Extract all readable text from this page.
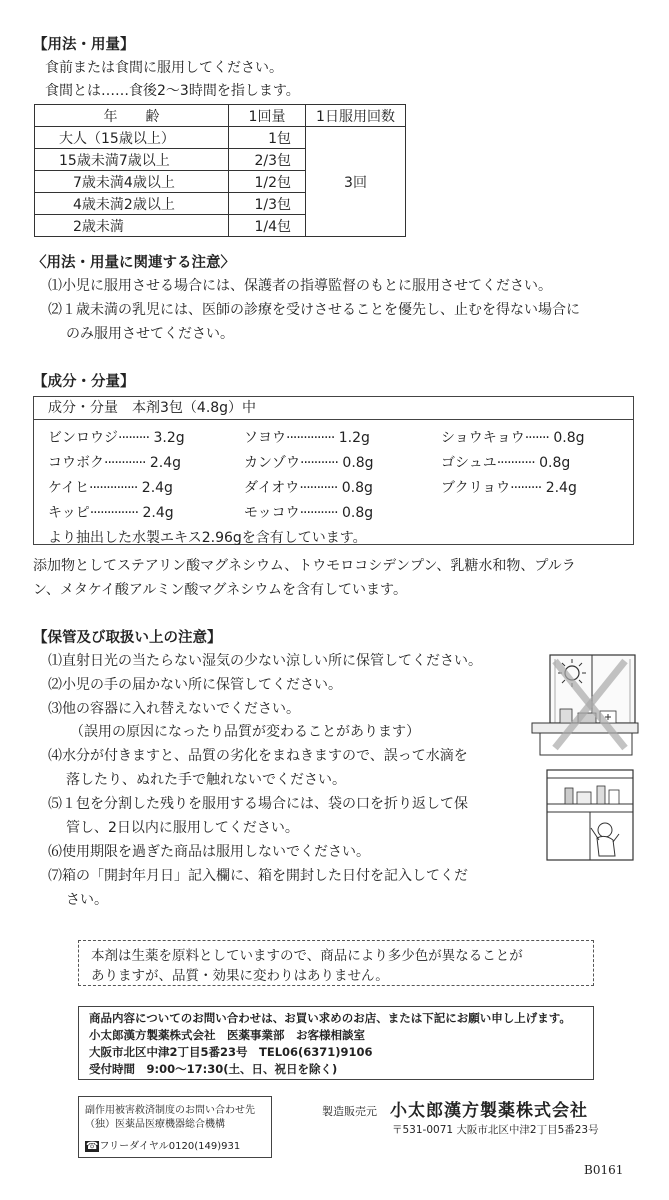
【用法・用量】
食前または食間に服用してください。
食間とは……食後2〜3時間を指します。
年　　齢	1回量	1日服用回数
大人（15歳以上）	1包	3回
15歳未満7歳以上	2/3包	
7歳未満4歳以上	1/2包	
4歳未満2歳以上	1/3包	
2歳未満	1/4包	
〈用法・用量に関連する注意〉
⑴小児に服用させる場合には、保護者の指導監督のもとに服用させてください。
⑵１歳未満の乳児には、医師の診療を受けさせることを優先し、止むを得ない場合に
のみ服用させてください。
【成分・分量】
成分・分量　本剤3包（4.8g）中
ビンロウジ········· 3.2g	ソヨウ·············· 1.2g	ショウキョウ······· 0.8g
コウボク············ 2.4g	カンゾウ··········· 0.8g	ゴシュユ··········· 0.8g
ケイヒ·············· 2.4g	ダイオウ··········· 0.8g	ブクリョウ········· 2.4g
キッピ·············· 2.4g	モッコウ··········· 0.8g
より抽出した水製エキス2.96gを含有しています。
添加物としてステアリン酸マグネシウム、トウモロコシデンプン、乳糖水和物、プルラ
ン、メタケイ酸アルミン酸マグネシウムを含有しています。
【保管及び取扱い上の注意】
⑴直射日光の当たらない湿気の少ない涼しい所に保管してください。
⑵小児の手の届かない所に保管してください。
⑶他の容器に入れ替えないでください。
（誤用の原因になったり品質が変わることがあります）
⑷水分が付きますと、品質の劣化をまねきますので、誤って水滴を
落したり、ぬれた手で触れないでください。
⑸１包を分割した残りを服用する場合には、袋の口を折り返して保
管し、2日以内に服用してください。
⑹使用期限を過ぎた商品は服用しないでください。
⑺箱の「開封年月日」記入欄に、箱を開封した日付を記入してくだ
さい。
本剤は生薬を原料としていますので、商品により多少色が異なることが
ありますが、品質・効果に変わりはありません。
商品内容についてのお問い合わせは、お買い求めのお店、または下記にお願い申し上げます。
小太郎漢方製薬株式会社　医薬事業部　お客様相談室
大阪市北区中津2丁目5番23号　TEL06(6371)9106
受付時間　9:00〜17:30(土、日、祝日を除く)
副作用被害救済制度のお問い合わせ先
（独）医薬品医療機器総合機構
☎フリーダイヤル0120(149)931
製造販売元 小太郎漢方製薬株式会社
〒531-0071 大阪市北区中津2丁目5番23号
B0161
